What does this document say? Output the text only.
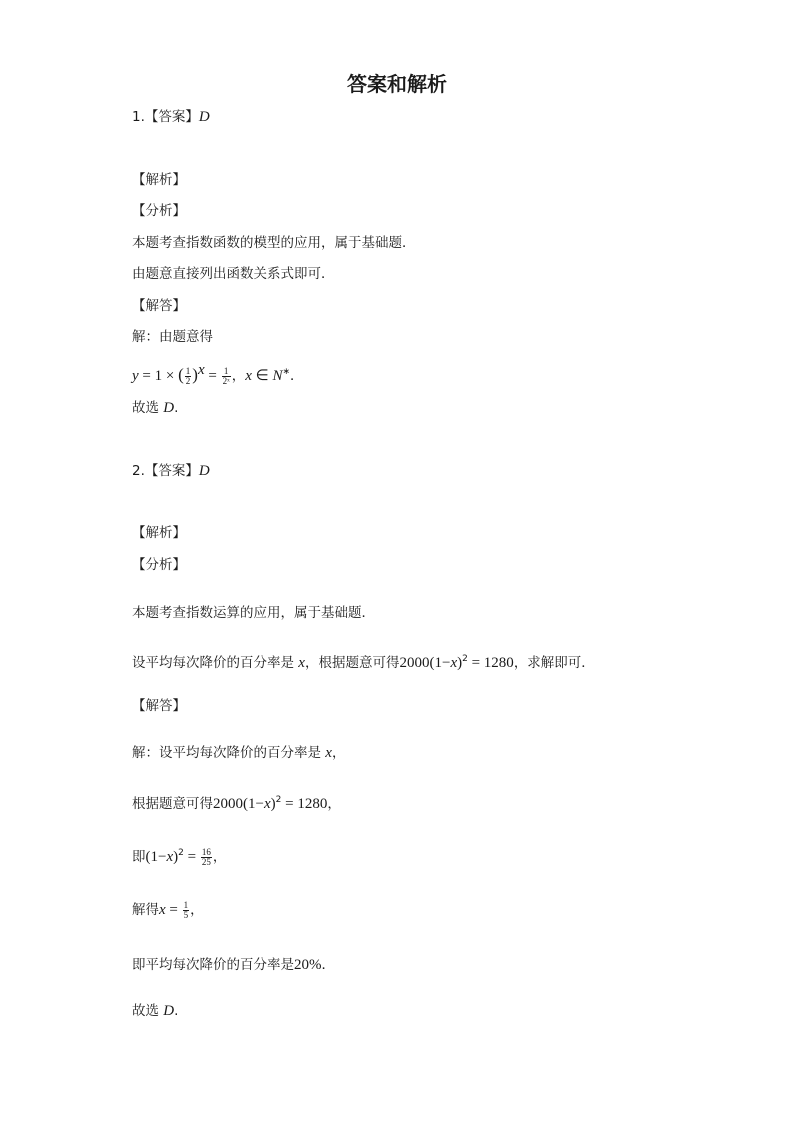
答案和解析
1.【答案】D
【解析】
【分析】
本题考查指数函数的模型的应用，属于基础题．
由题意直接列出函数关系式即可．
【解答】
解：由题意得
y = 1 × ( $\frac{1}{2} )^x = \frac{1}{\text{2ˣ}}$ ，x ∈ N∗．
故选 D.
2.【答案】D
【解析】
【分析】
本题考查指数运算的应用，属于基础题．
设平均每次降价的百分率是 x，根据题意可得$2000(1-x)^2 = 1280$，求解即可．
【解答】
解：设平均每次降价的百分率是 x，
根据题意可得$2000(1-x)^2 = 1280$，
即$(1-x)^2 = \frac{16}{25}$ ，
解得$x = \frac{1}{5}$ ，
即平均每次降价的百分率是20%．
故选 D.
